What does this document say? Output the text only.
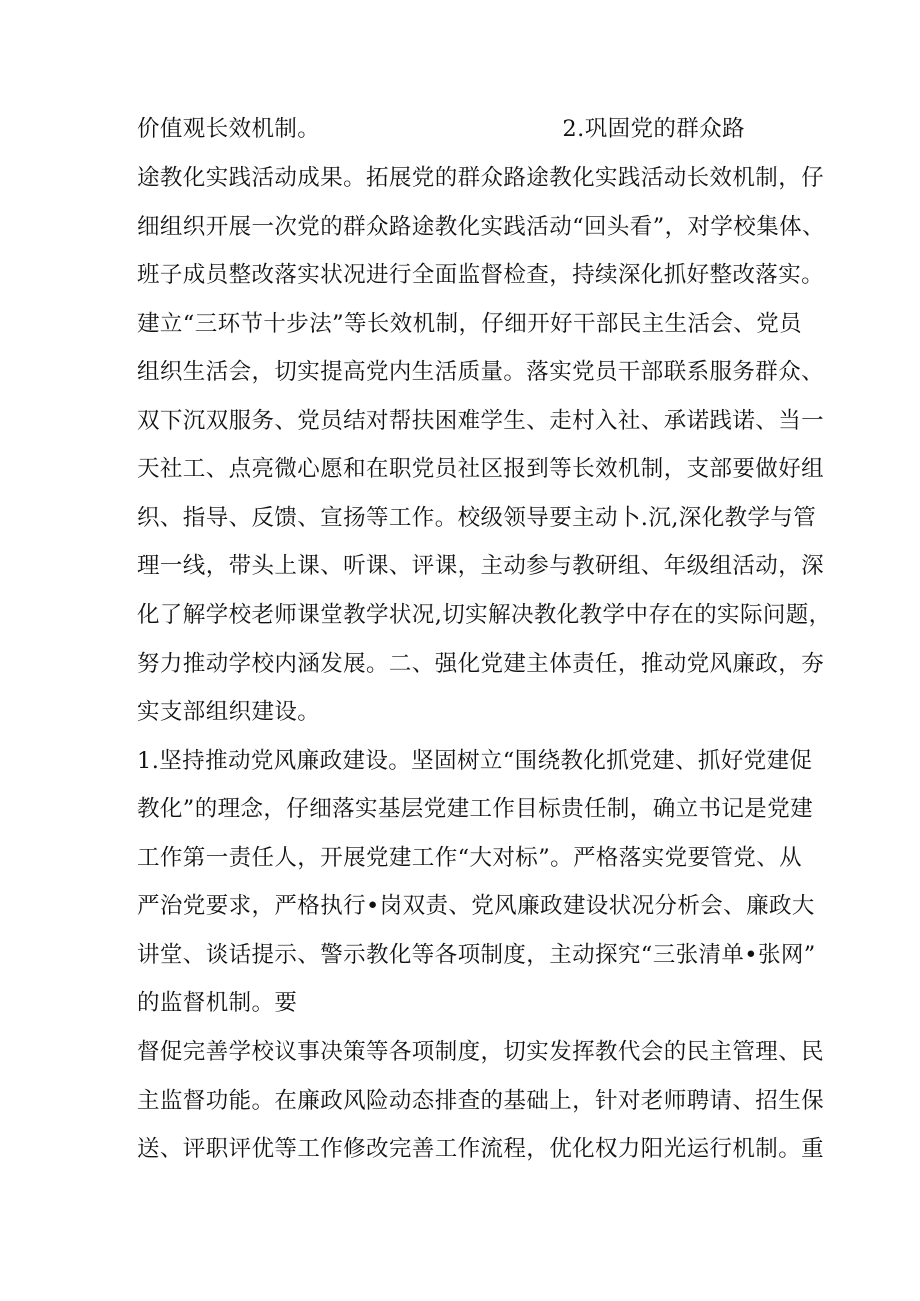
价值观长效机制。	2.巩固党的群众路
途教化实践活动成果。拓展党的群众路途教化实践活动长效机制，仔
细组织开展一次党的群众路途教化实践活动“回头看”，对学校集体、
班子成员整改落实状况进行全面监督检查，持续深化抓好整改落实。
建立“三环节十步法”等长效机制，仔细开好干部民主生活会、党员
组织生活会，切实提高党内生活质量。落实党员干部联系服务群众、
双下沉双服务、党员结对帮扶困难学生、走村入社、承诺践诺、当一
天社工、点亮微心愿和在职党员社区报到等长效机制，支部要做好组
织、指导、反馈、宣扬等工作。校级领导要主动卜.沉,深化教学与管
理一线，带头上课、听课、评课，主动参与教研组、年级组活动，深
化了解学校老师课堂教学状况,切实解决教化教学中存在的实际问题，
努力推动学校内涵发展。二、强化党建主体责任，推动党风廉政，夯
实支部组织建设。
1.坚持推动党风廉政建设。坚固树立“围绕教化抓党建、抓好党建促
教化”的理念，仔细落实基层党建工作目标贵任制，确立书记是党建
工作第一责任人，开展党建工作“大对标”。严格落实党要管党、从
严治党要求，严格执行•岗双责、党风廉政建设状况分析会、廉政大
讲堂、谈话提示、警示教化等各项制度，主动探究“三张清单•张网”
的监督机制。要
督促完善学校议事决策等各项制度，切实发挥教代会的民主管理、民
主监督功能。在廉政风险动态排查的基础上，针对老师聘请、招生保
送、评职评优等工作修改完善工作流程，优化权力阳光运行机制。重
